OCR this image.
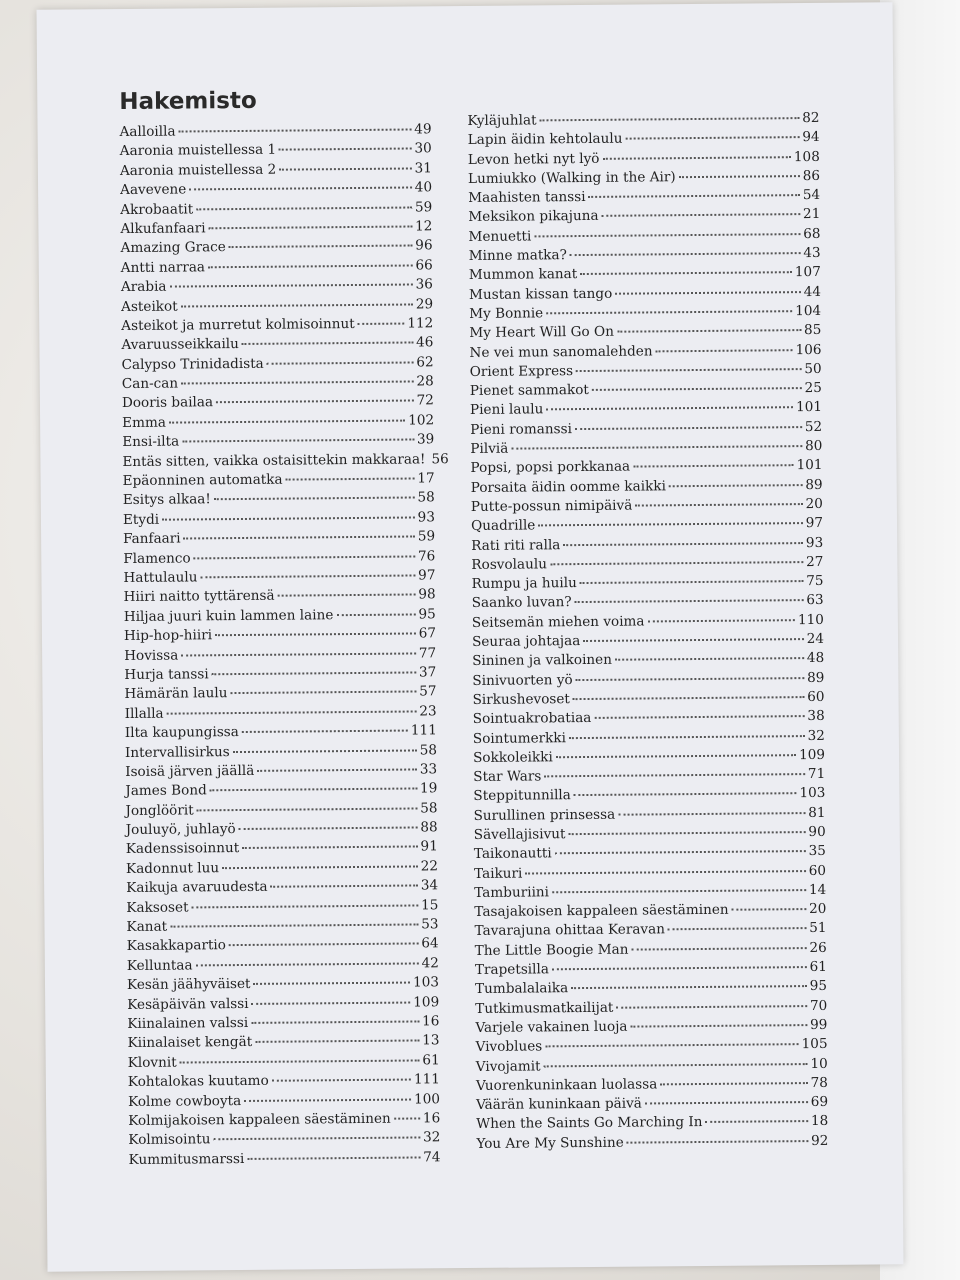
Hakemisto
Aalloilla	49
Aaronia muistellessa 1	30
Aaronia muistellessa 2	31
Aavevene	40
Akrobaatit	59
Alkufanfaari	12
Amazing Grace	96
Antti narraa	66
Arabia	36
Asteikot	29
Asteikot ja murretut kolmisoinnut	112
Avaruusseikkailu	46
Calypso Trinidadista	62
Can-can	28
Dooris bailaa	72
Emma	102
Ensi-ilta	39
Entäs sitten, vaikka ostaisittekin makkaraa! 56
Epäonninen automatka	17
Esitys alkaa!	58
Etydi	93
Fanfaari	59
Flamenco	76
Hattulaulu	97
Hiiri naitto tyttärensä	98
Hiljaa juuri kuin lammen laine	95
Hip-hop-hiiri	67
Hovissa	77
Hurja tanssi	37
Hämärän laulu	57
Illalla	23
Ilta kaupungissa	111
Intervallisirkus	58
Isoisä järven jäällä	33
James Bond	19
Jonglöörit	58
Jouluyö, juhlayö	88
Kadenssisoinnut	91
Kadonnut luu	22
Kaikuja avaruudesta	34
Kaksoset	15
Kanat	53
Kasakkapartio	64
Kelluntaa	42
Kesän jäähyväiset	103
Kesäpäivän valssi	109
Kiinalainen valssi	16
Kiinalaiset kengät	13
Klovnit	61
Kohtalokas kuutamo	111
Kolme cowboyta	100
Kolmijakoisen kappaleen säestäminen 16
Kolmisointu	32
Kummitusmarssi	74
Kyläjuhlat	82
Lapin äidin kehtolaulu	94
Levon hetki nyt lyö	108
Lumiukko (Walking in the Air)	86
Maahisten tanssi	54
Meksikon pikajuna	21
Menuetti	68
Minne matka?	43
Mummon kanat	107
Mustan kissan tango	44
My Bonnie	104
My Heart Will Go On	85
Ne vei mun sanomalehden	106
Orient Express	50
Pienet sammakot	25
Pieni laulu	101
Pieni romanssi	52
Pilviä	80
Popsi, popsi porkkanaa	101
Porsaita äidin oomme kaikki	89
Putte-possun nimipäivä	20
Quadrille	97
Rati riti ralla	93
Rosvolaulu	27
Rumpu ja huilu	75
Saanko luvan?	63
Seitsemän miehen voima	110
Seuraa johtajaa	24
Sininen ja valkoinen	48
Sinivuorten yö	89
Sirkushevoset	60
Sointuakrobatiaa	38
Sointumerkki	32
Sokkoleikki	109
Star Wars	71
Steppitunnilla	103
Surullinen prinsessa	81
Sävellajisivut	90
Taikonautti	35
Taikuri	60
Tamburiini	14
Tasajakoisen kappaleen säestäminen	20
Tavarajuna ohittaa Keravan	51
The Little Boogie Man	26
Trapetsilla	61
Tumbalalaika	95
Tutkimusmatkailijat	70
Varjele vakainen luoja	99
Vivoblues	105
Vivojamit	10
Vuorenkuninkaan luolassa	78
Väärän kuninkaan päivä	69
When the Saints Go Marching In	18
You Are My Sunshine	92
